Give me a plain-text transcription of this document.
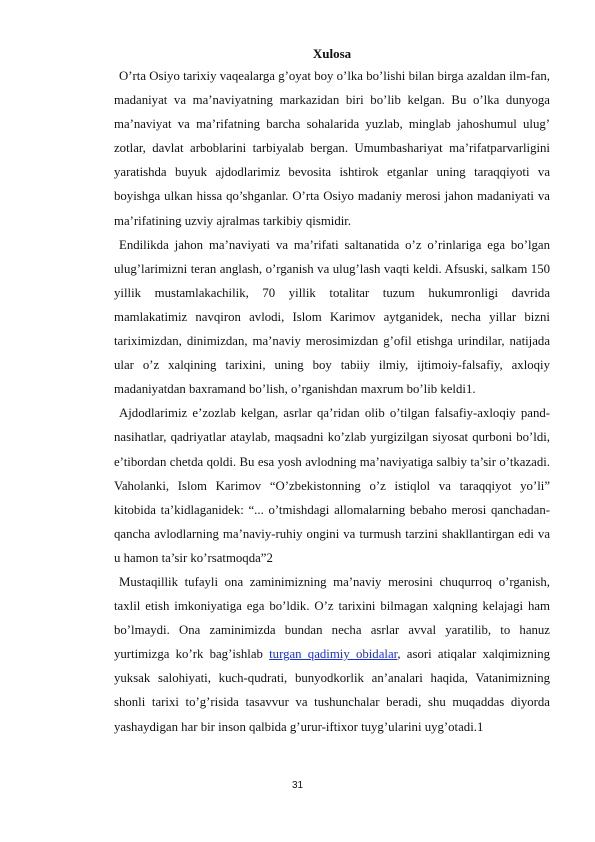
Xulosa

O’rta Osiyo tarixiy vaqealarga g’oyat boy o’lka bo’lishi bilan birga azaldan ilm-fan, madaniyat va ma’naviyatning markazidan biri bo’lib kelgan. Bu o’lka dunyoga ma’naviyat va ma’rifatning barcha sohalarida yuzlab, minglab jahoshumul ulug’ zotlar, davlat arboblarini tarbiyalab bergan. Umumbashariyat ma’rifatparvarligini yaratishda buyuk ajdodlarimiz bevosita ishtirok etganlar uning taraqqiyoti va boyishga ulkan hissa qo’shganlar. O’rta Osiyo madaniy merosi jahon madaniyati va ma’rifatining uzviy ajralmas tarkibiy qismidir.

Endilikda jahon ma’naviyati va ma’rifati saltanatida o’z o’rinlariga ega bo’lgan ulug’larimizni teran anglash, o’rganish va ulug’lash vaqti keldi. Afsuski, salkam 150 yillik mustamlakachilik, 70 yillik totalitar tuzum hukumronligi davrida mamlakatimiz navqiron avlodi, Islom Karimov aytganidek, necha yillar bizni tariximizdan, dinimizdan, ma’naviy merosimizdan g’ofil etishga urindilar, natijada ular o’z xalqining tarixini, uning boy tabiiy ilmiy, ijtimoiy-falsafiy, axloqiy madaniyatdan baxramand bo’lish, o’rganishdan maxrum bo’lib keldi1.

Ajdodlarimiz e’zozlab kelgan, asrlar qa’ridan olib o’tilgan falsafiy-axloqiy pand-nasihatlar, qadriyatlar ataylab, maqsadni ko’zlab yurgizilgan siyosat qurboni bo’ldi, e’tibordan chetda qoldi. Bu esa yosh avlodning ma’naviyatiga salbiy ta’sir o’tkazadi. Vaholanki, Islom Karimov “O’zbekistonning o’z istiqlol va taraqqiyot yo’li” kitobida ta’kidlaganidek: “... o’tmishdagi allomalarning bebaho merosi qanchadan-qancha avlodlarning ma’naviy-ruhiy ongini va turmush tarzini shakllantirgan edi va u hamon ta’sir ko’rsatmoqda”2

Mustaqillik tufayli ona zaminimizning ma’naviy merosini chuqurroq o’rganish, taxlil etish imkoniyatiga ega bo’ldik. O’z tarixini bilmagan xalqning kelajagi ham bo’lmaydi. Ona zaminimizda bundan necha asrlar avval yaratilib, to hanuz yurtimizga ko’rk bag’ishlab turgan qadimiy obidalar, asori atiqalar xalqimizning yuksak salohiyati, kuch-qudrati, bunyodkorlik an’analari haqida, Vatanimizning shonli tarixi to’g’risida tasavvur va tushunchalar beradi, shu muqaddas diyorda yashaydigan har bir inson qalbida g’urur-iftixor tuyg’ularini uyg’otadi.1

31
